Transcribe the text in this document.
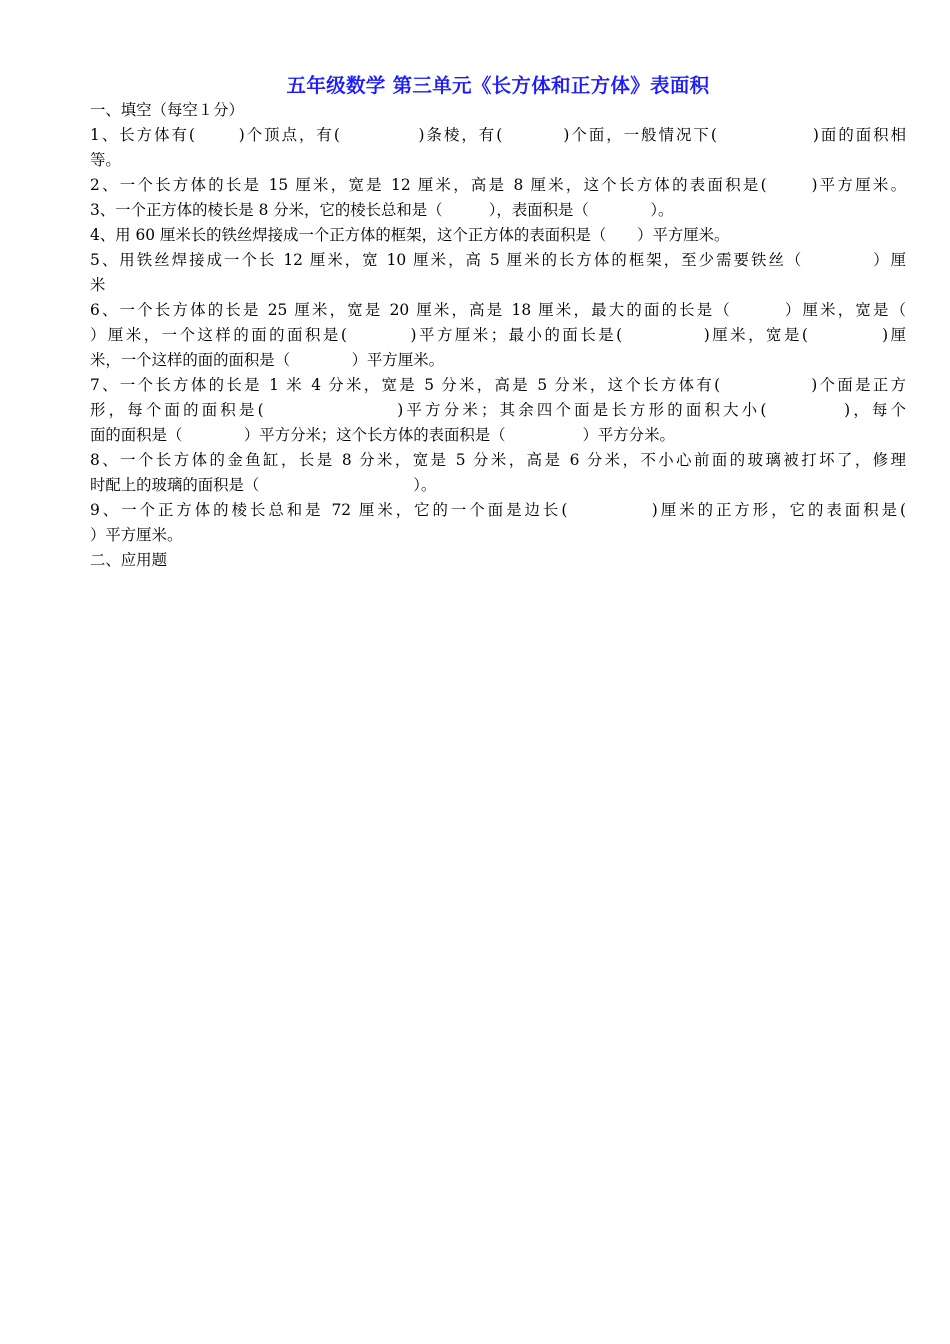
五年级数学 第三单元《长方体和正方体》表面积
一、填空（每空１分）
1、长方体有(　　 )个顶点，有(　　　 　)条棱，有(　 　　)个面，一般情况下(　　　 　　)面的面积相
等。
2、一个长方体的长是 15 厘米，宽是 12 厘米，高是 8 厘米，这个长方体的表面积是(　　 )平方厘米。
3、一个正方体的棱长是 8 分米，它的棱长总和是（　　　），表面积是（　　　　）。
4、用 60 厘米长的铁丝焊接成一个正方体的框架，这个正方体的表面积是（　　）平方厘米。
5、用铁丝焊接成一个长 12 厘米，宽 10 厘米，高 5 厘米的长方体的框架，至少需要铁丝（　　　　）厘
米
6、一个长方体的长是 25 厘米，宽是 20 厘米，高是 18 厘米，最大的面的长是（　　　）厘米，宽是（
）厘米，一个这样的面的面积是(　　　 )平方厘米；最小的面长是(　　　 　)厘米，宽是(　　　　)厘
米，一个这样的面的面积是（　　　　）平方厘米。
7、一个长方体的长是 1 米 4 分米，宽是 5 分米，高是 5 分米，这个长方体有(　　　　　)个面是正方
形，每个面的面积是(　　　　　　　)平方分米；其余四个面是长方形的面积大小(　　　　)，每个
面的面积是（　　　　）平方分米；这个长方体的表面积是（　　　　　）平方分米。
8、一个长方体的金鱼缸，长是 8 分米，宽是 5 分米，高是 6 分米，不小心前面的玻璃被打坏了，修理
时配上的玻璃的面积是（　　　　　　　　　　）。
9、一个正方体的棱长总和是 72 厘米，它的一个面是边长(　　　　 )厘米的正方形，它的表面积是(
）平方厘米。
二、应用题
